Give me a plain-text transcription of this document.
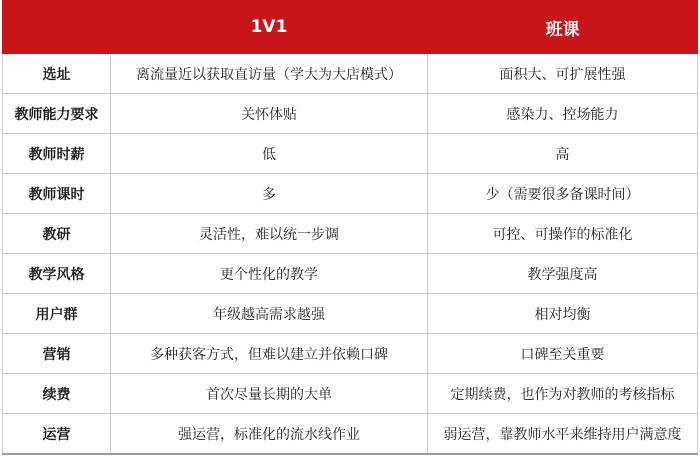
	1V1	班课
选址	离流量近以获取直访量（学大为大店模式）	面积大、可扩展性强
教师能力要求	关怀体贴	感染力、控场能力
教师时薪	低	高
教师课时	多	少（需要很多备课时间）
教研	灵活性，难以统一步调	可控、可操作的标准化
教学风格	更个性化的教学	教学强度高
用户群	年级越高需求越强	相对均衡
营销	多种获客方式，但难以建立并依赖口碑	口碑至关重要
续费	首次尽量长期的大单	定期续费，也作为对教师的考核指标
运营	强运营，标准化的流水线作业	弱运营，靠教师水平来维持用户满意度
